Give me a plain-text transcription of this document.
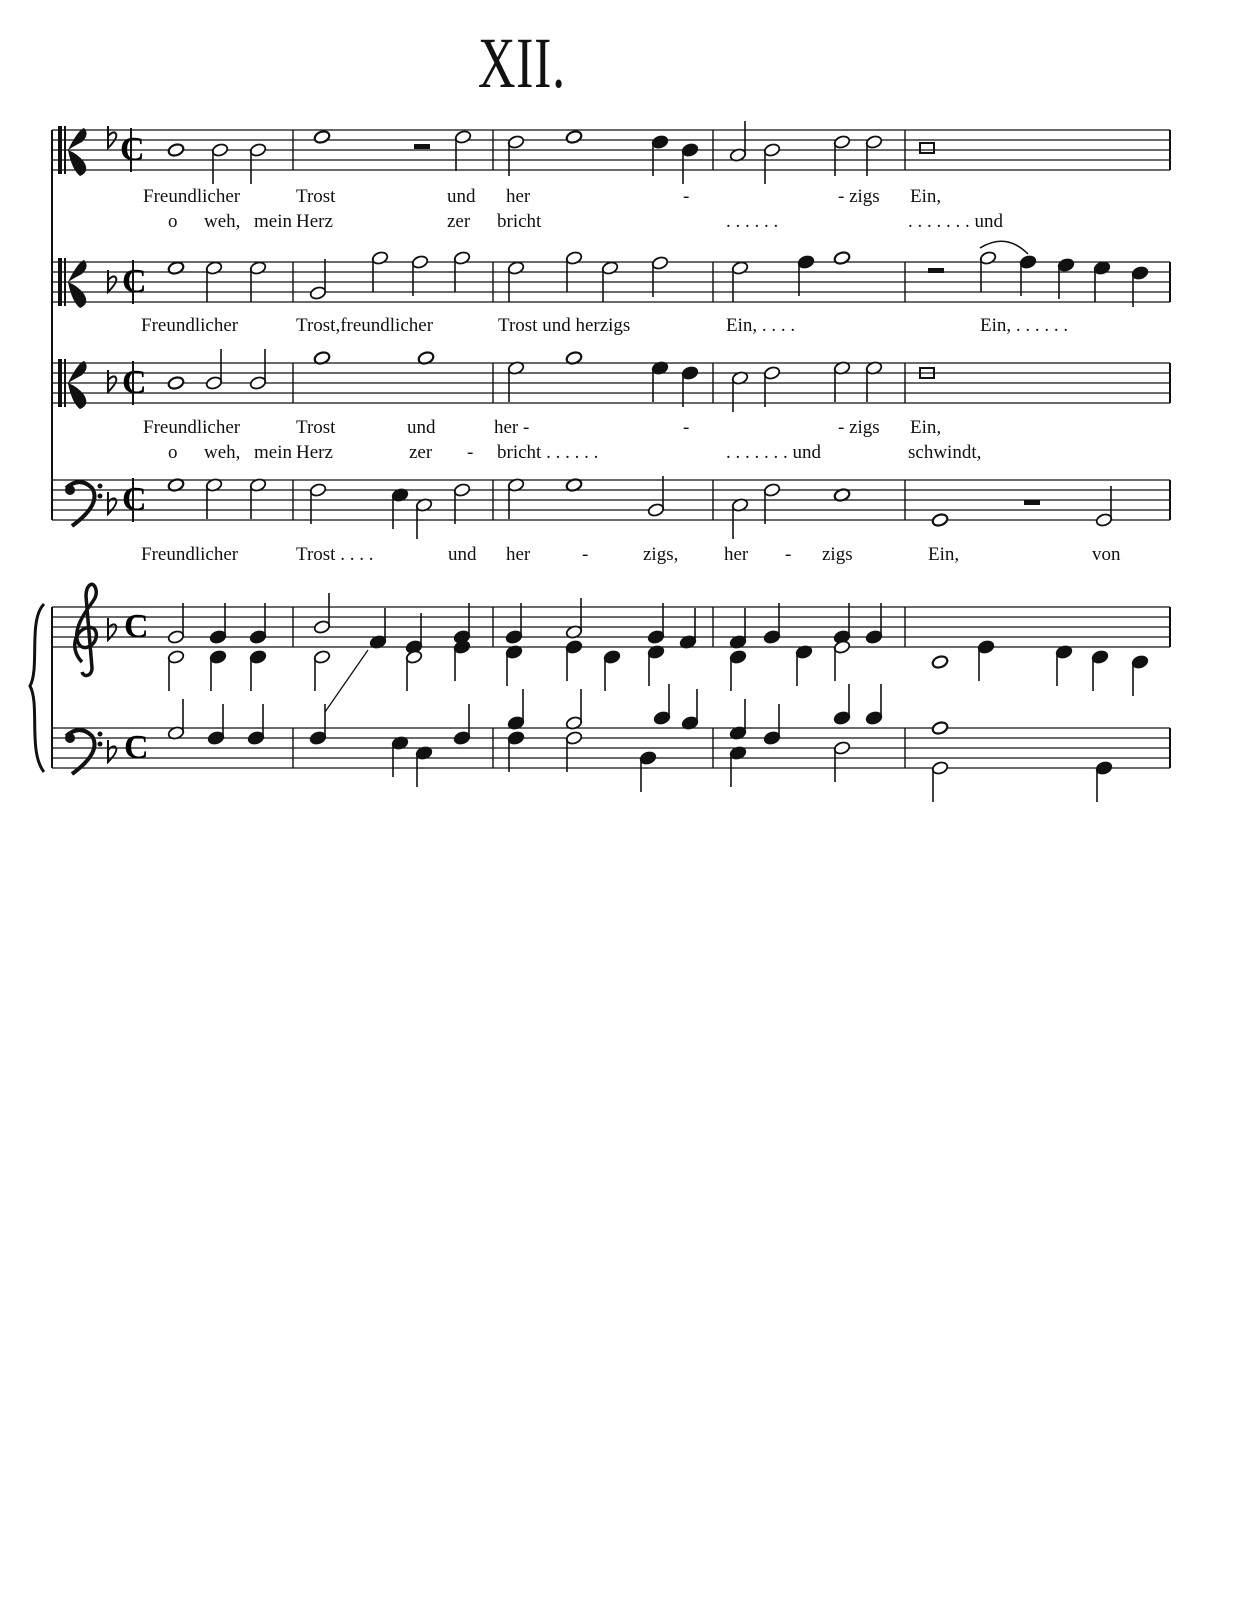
XII.
C
C
C
C
C
C
Freundlicher	Trost	und her	-	- zigs Ein,
o weh, mein Herz	zer bricht	. . . . . .	. . . . . . . und
Freundlicher	Trost,freundlicher	Trost und herzigs	Ein, . . . .	Ein, . . . . . .
Freundlicher	Trost	und	her -	-	- zigs Ein,
o weh, mein Herz	zer - bricht . . . . . .	. . . . . . . und	schwindt,
Freundlicher	Trost . . . .	und her	-	zigs, her - zigs	Ein,	von
